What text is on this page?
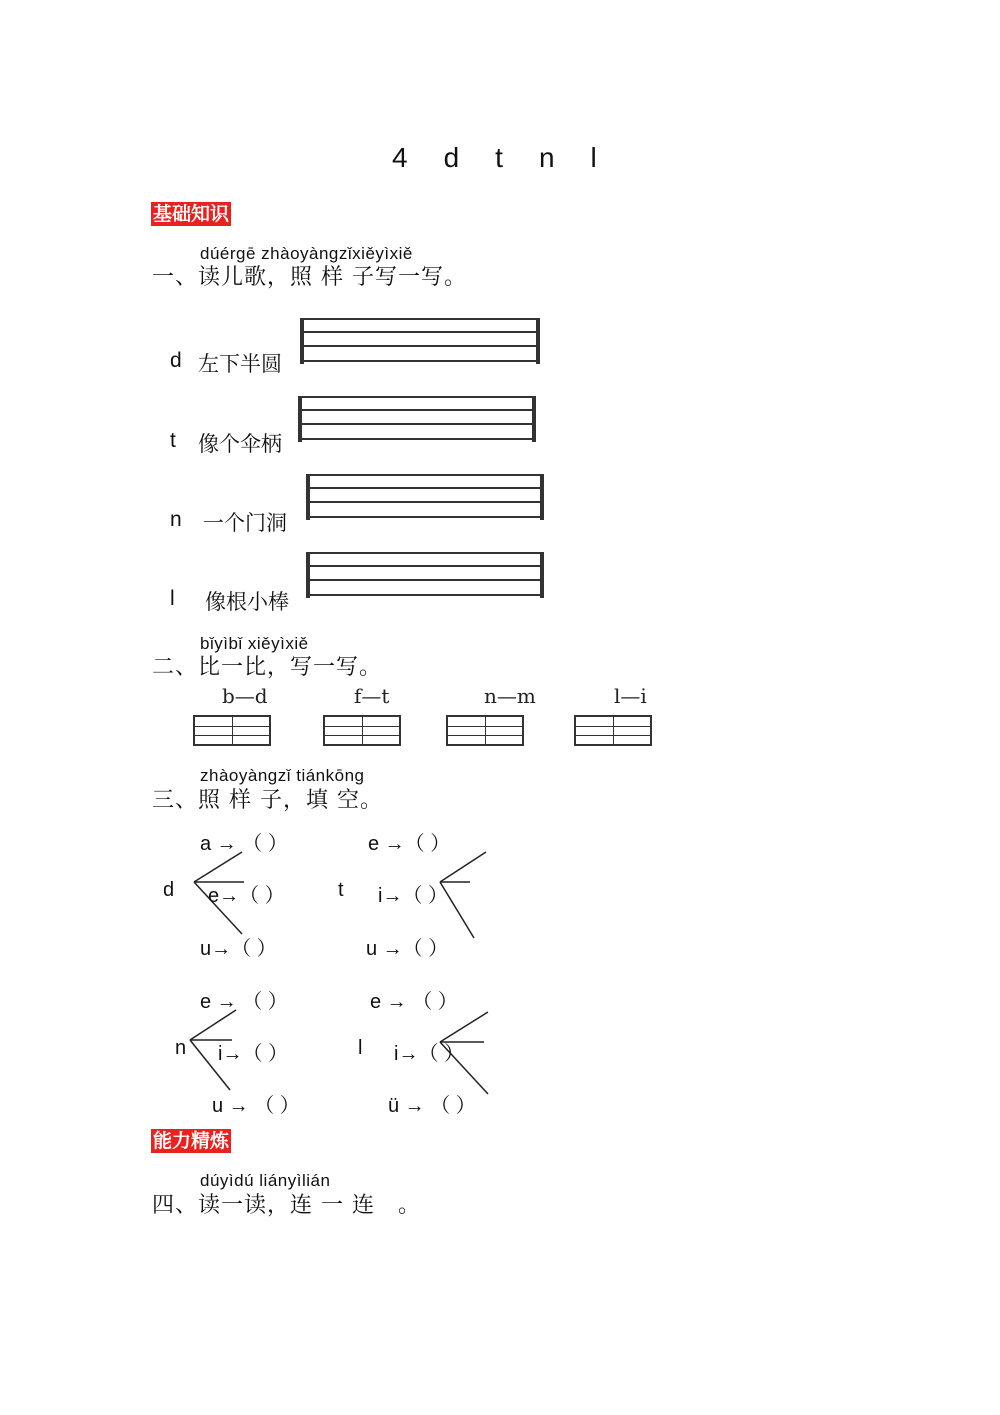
4 d t n l
基础知识
dúérgē zhàoyàngzǐxiěyìxiě
一、读儿歌，照 样 子写一写。
d 左下半圆
t 像个伞柄
n 一个门洞
l 像根小棒
bǐyìbǐ xiěyìxiě
二、比一比，写一写。
b—d	f—t	n—m	l—i
zhàoyàngzǐ tiánkōng
三、照 样 子，填 空。
d
a → （ ）
e→（ ）
u→（ ）
t
e →（ ）
i→（ ）
u →（ ）
n
e → （ ）
i→（ ）
u → （ ）
l
e → （ ）
i→（ ）
ü → （ ）
能力精炼
dúyìdú liányìlián
四、读一读，连 一 连　。
